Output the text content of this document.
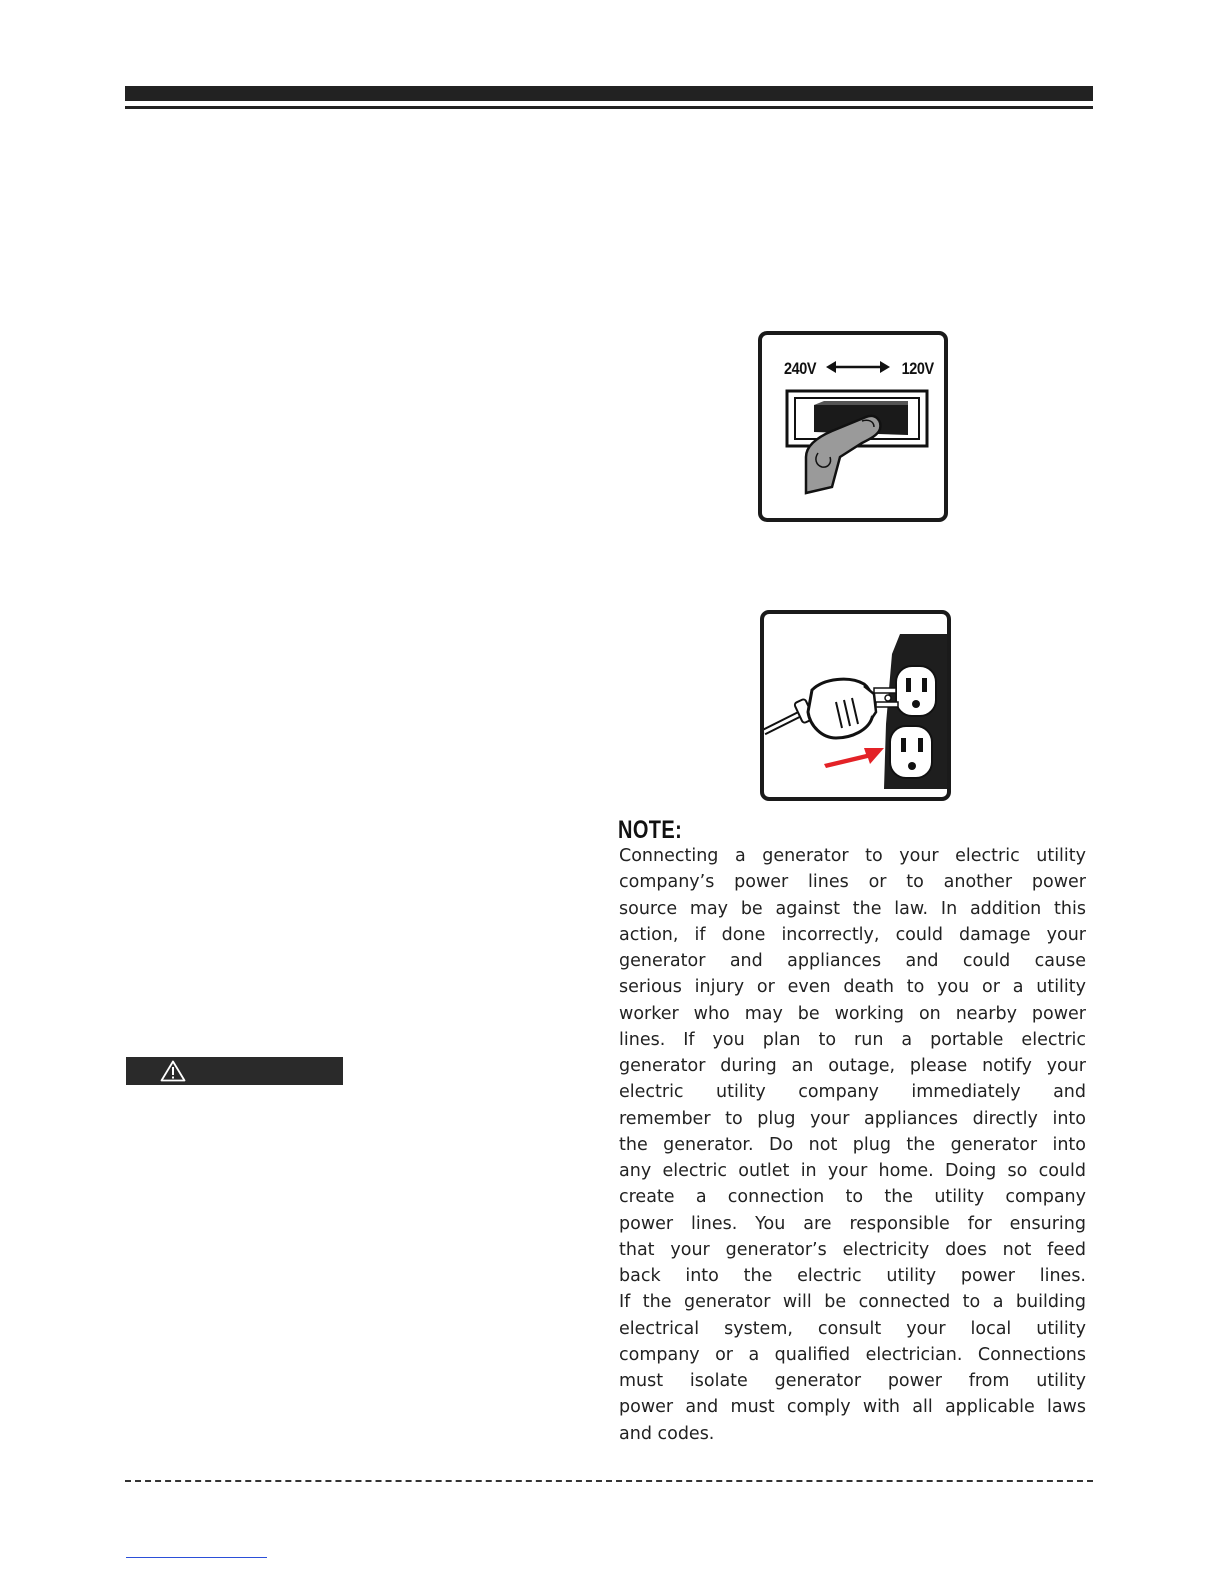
240V	120V
NOTE:
Connecting a generator to your electric utility
company’s power lines or to another power
source may be against the law. In addition this
action, if done incorrectly, could damage your
generator and appliances and could cause
serious injury or even death to you or a utility
worker who may be working on nearby power
lines. If you plan to run a portable electric
generator during an outage, please notify your
electric utility company immediately and
remember to plug your appliances directly into
the generator. Do not plug the generator into
any electric outlet in your home. Doing so could
create a connection to the utility company
power lines. You are responsible for ensuring
that your generator’s electricity does not feed
back into the electric utility power lines.
If the generator will be connected to a building
electrical system, consult your local utility
company or a qualified electrician. Connections
must isolate generator power from utility
power and must comply with all applicable laws
and codes.
